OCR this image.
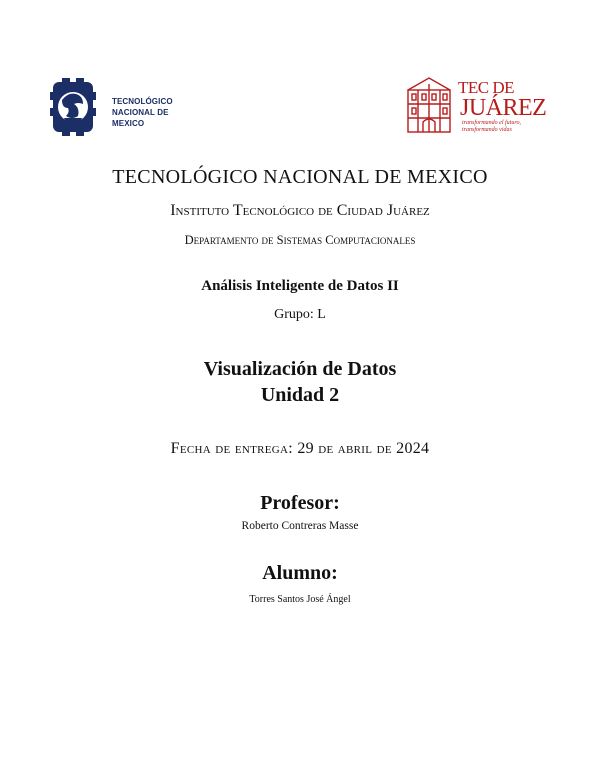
TECNOLÓGICO
NACIONAL DE MEXICO
TEC DE
JUÁREZ
transformando el futuro, transformando vidas
TECNOLÓGICO NACIONAL DE MEXICO
Instituto Tecnológico de Ciudad Juárez
Departamento de Sistemas Computacionales
Análisis Inteligente de Datos II
Grupo: L
Visualización de Datos
Unidad 2
Fecha de entrega: 29 de abril de 2024
Profesor:
Roberto Contreras Masse
Alumno:
Torres Santos José Ángel
